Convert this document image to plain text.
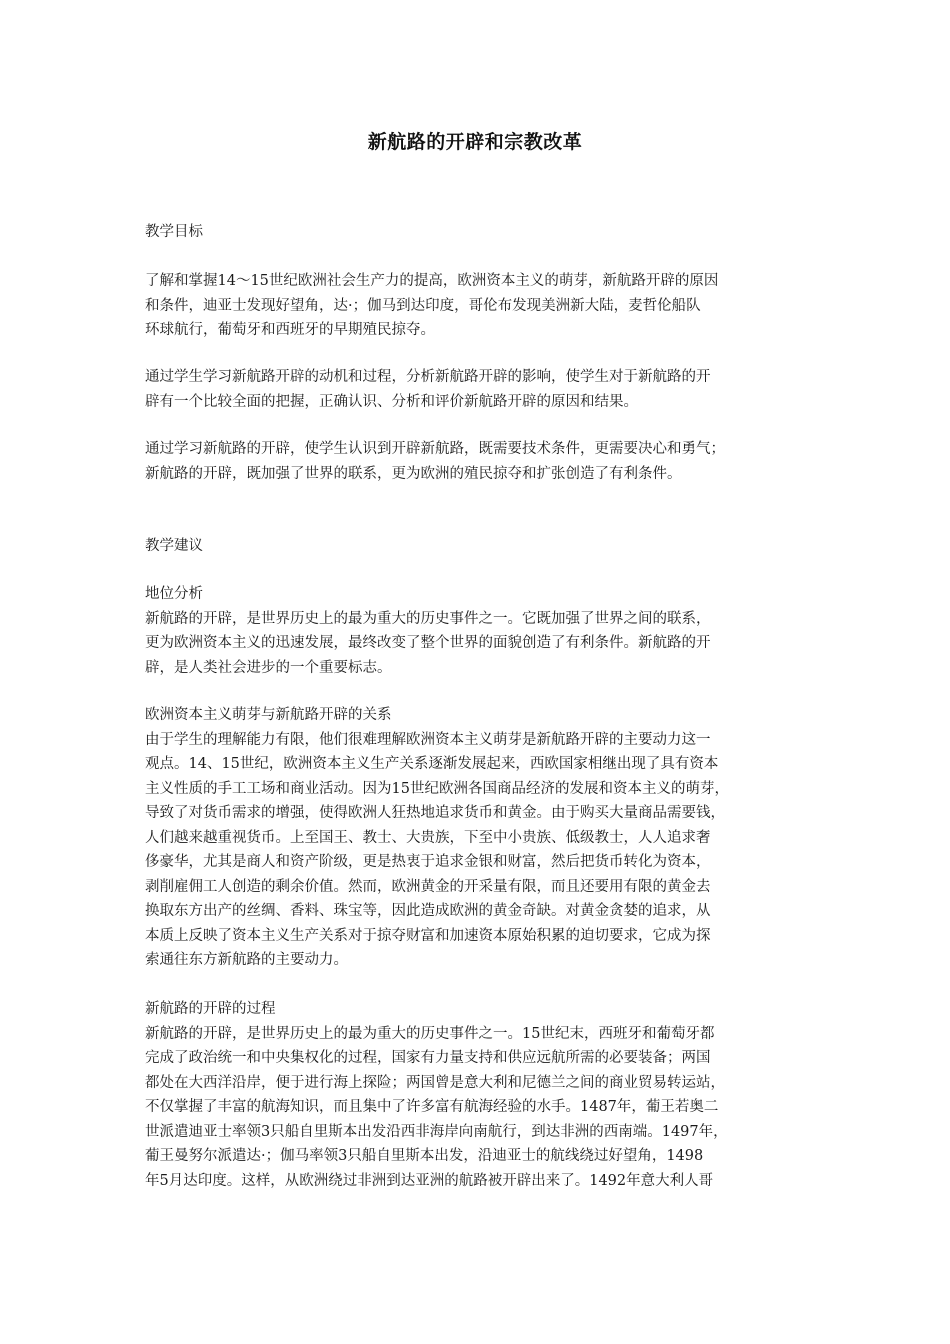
新航路的开辟和宗教改革
教学目标
了解和掌握14～15世纪欧洲社会生产力的提高，欧洲资本主义的萌芽，新航路开辟的原因
和条件，迪亚士发现好望角，达·；伽马到达印度，哥伦布发现美洲新大陆，麦哲伦船队
环球航行，葡萄牙和西班牙的早期殖民掠夺。
通过学生学习新航路开辟的动机和过程，分析新航路开辟的影响，使学生对于新航路的开
辟有一个比较全面的把握，正确认识、分析和评价新航路开辟的原因和结果。
通过学习新航路的开辟，使学生认识到开辟新航路，既需要技术条件，更需要决心和勇气；
新航路的开辟，既加强了世界的联系，更为欧洲的殖民掠夺和扩张创造了有利条件。
教学建议
地位分析
新航路的开辟，是世界历史上的最为重大的历史事件之一。它既加强了世界之间的联系，
更为欧洲资本主义的迅速发展，最终改变了整个世界的面貌创造了有利条件。新航路的开
辟，是人类社会进步的一个重要标志。
欧洲资本主义萌芽与新航路开辟的关系
由于学生的理解能力有限，他们很难理解欧洲资本主义萌芽是新航路开辟的主要动力这一
观点。14、15世纪，欧洲资本主义生产关系逐渐发展起来，西欧国家相继出现了具有资本
主义性质的手工工场和商业活动。因为15世纪欧洲各国商品经济的发展和资本主义的萌芽，
导致了对货币需求的增强，使得欧洲人狂热地追求货币和黄金。由于购买大量商品需要钱，
人们越来越重视货币。上至国王、教士、大贵族，下至中小贵族、低级教士，人人追求奢
侈豪华，尤其是商人和资产阶级，更是热衷于追求金银和财富，然后把货币转化为资本，
剥削雇佣工人创造的剩余价值。然而，欧洲黄金的开采量有限，而且还要用有限的黄金去
换取东方出产的丝绸、香料、珠宝等，因此造成欧洲的黄金奇缺。对黄金贪婪的追求，从
本质上反映了资本主义生产关系对于掠夺财富和加速资本原始积累的迫切要求，它成为探
索通往东方新航路的主要动力。
新航路的开辟的过程
新航路的开辟，是世界历史上的最为重大的历史事件之一。15世纪末，西班牙和葡萄牙都
完成了政治统一和中央集权化的过程，国家有力量支持和供应远航所需的必要装备；两国
都处在大西洋沿岸，便于进行海上探险；两国曾是意大利和尼德兰之间的商业贸易转运站，
不仅掌握了丰富的航海知识，而且集中了许多富有航海经验的水手。1487年，葡王若奥二
世派遣迪亚士率领3只船自里斯本出发沿西非海岸向南航行，到达非洲的西南端。1497年，
葡王曼努尔派遣达·；伽马率领3只船自里斯本出发，沿迪亚士的航线绕过好望角，1498
年5月达印度。这样，从欧洲绕过非洲到达亚洲的航路被开辟出来了。1492年意大利人哥
